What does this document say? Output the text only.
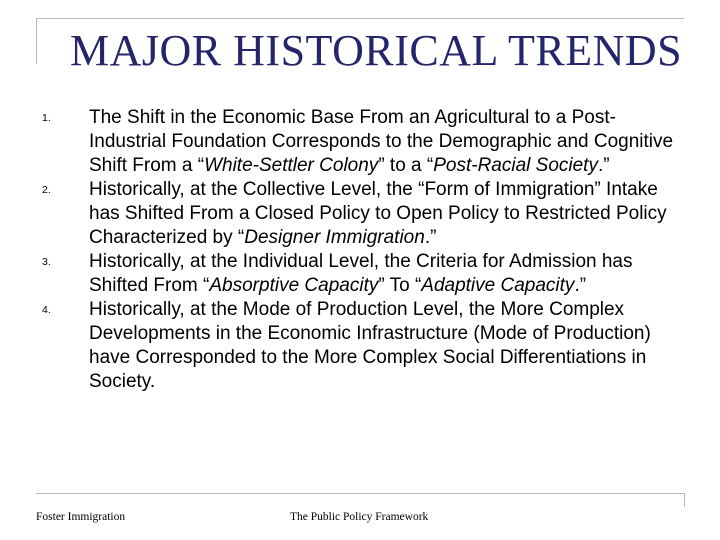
MAJOR HISTORICAL TRENDS
1. The Shift in the Economic Base From an Agricultural to a Post-Industrial Foundation Corresponds to the Demographic and Cognitive Shift From a “White-Settler Colony” to a “Post-Racial Society.”
2. Historically, at the Collective Level, the “Form of Immigration” Intake has Shifted From a Closed Policy to Open Policy to Restricted Policy Characterized by “Designer Immigration.”
3. Historically, at the Individual Level, the Criteria for Admission has Shifted From “Absorptive Capacity” To “Adaptive Capacity.”
4. Historically, at the Mode of Production Level, the More Complex Developments in the Economic Infrastructure (Mode of Production) have Corresponded to the More Complex Social Differentiations in Society.
Foster Immigration	The Public Policy Framework
